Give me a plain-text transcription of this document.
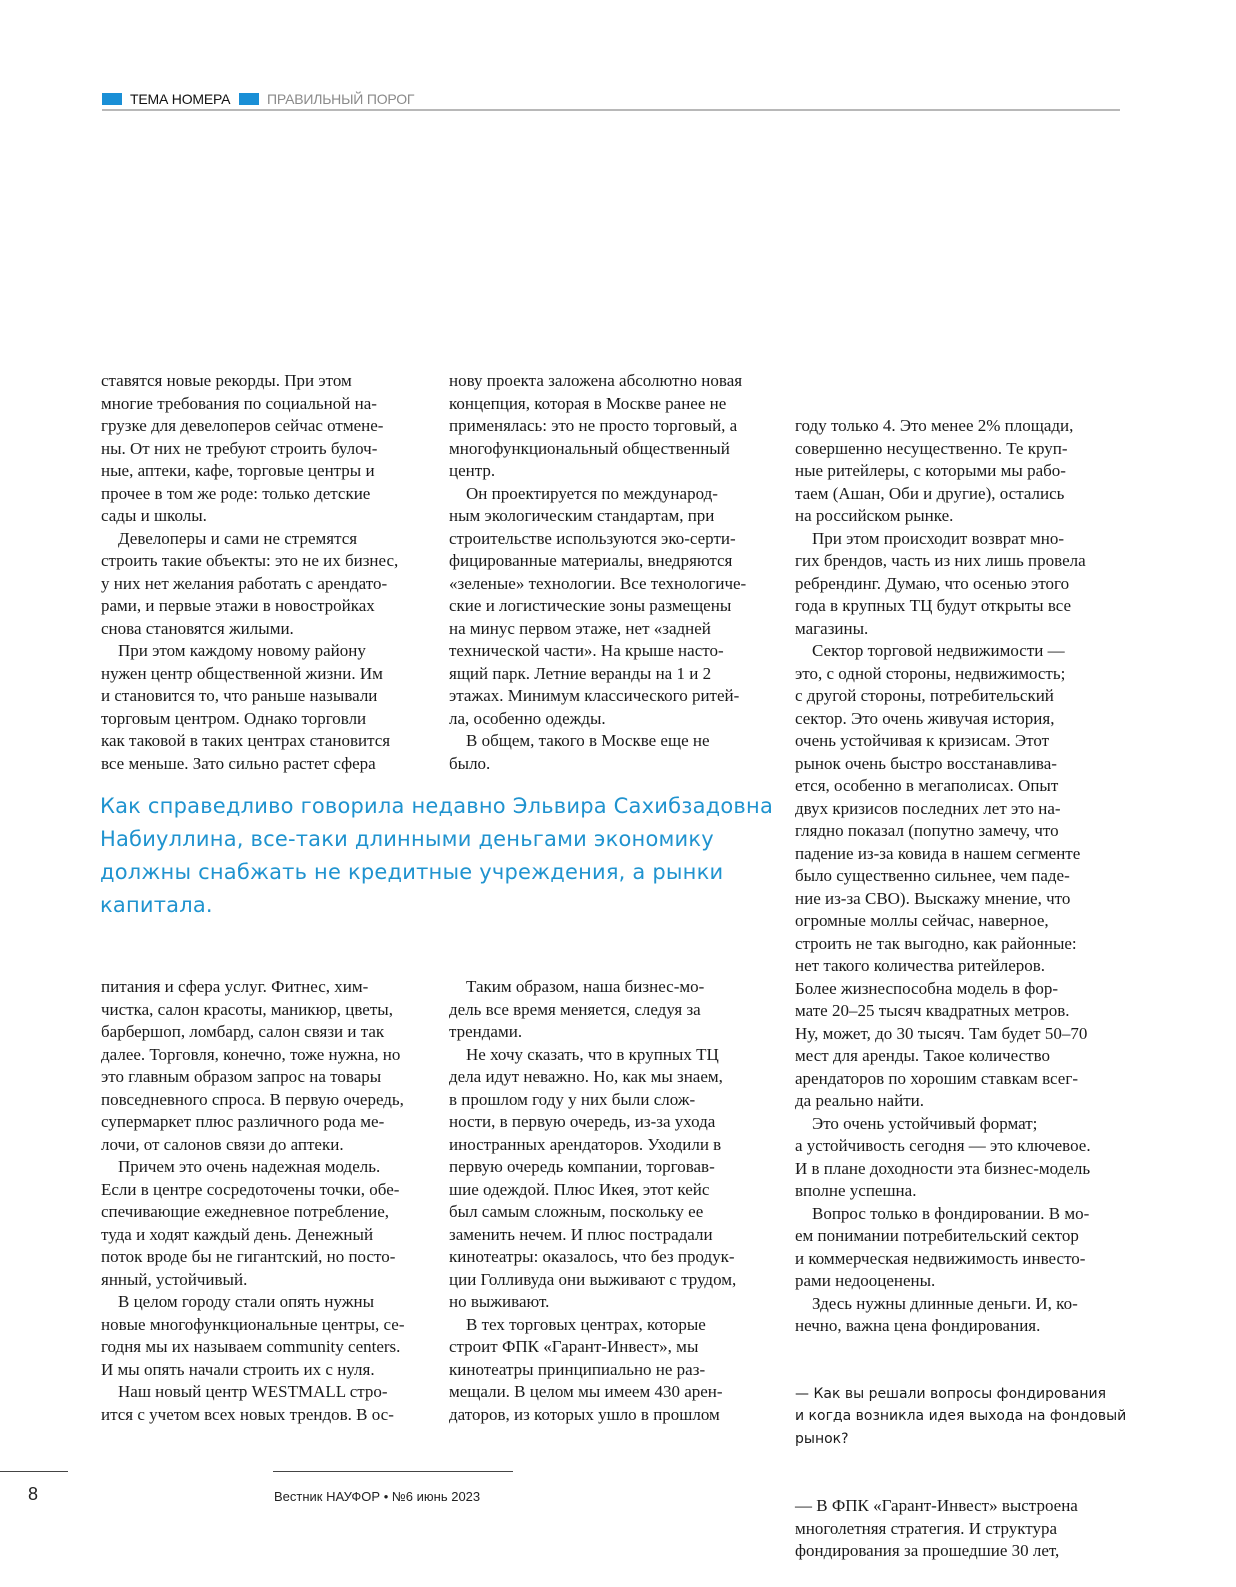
ТЕМА НОМЕРА	ПРАВИЛЬНЫЙ ПОРОГ
ставятся новые рекорды. При этом
многие требования по социальной на-
грузке для девелоперов сейчас отмене-
ны. От них не требуют строить булоч-
ные, аптеки, кафе, торговые центры и
прочее в том же роде: только детские
сады и школы.
Девелоперы и сами не стремятся
строить такие объекты: это не их бизнес,
у них нет желания работать с арендато-
рами, и первые этажи в новостройках
снова становятся жилыми.
При этом каждому новому району
нужен центр общественной жизни. Им
и становится то, что раньше называли
торговым центром. Однако торговли
как таковой в таких центрах становится
все меньше. Зато сильно растет сфера
нову проекта заложена абсолютно новая
концепция, которая в Москве ранее не
применялась: это не просто торговый, а
многофункциональный общественный
центр.
Он проектируется по международ-
ным экологическим стандартам, при
строительстве используются эко-серти-
фицированные материалы, внедряются
«зеленые» технологии. Все технологиче-
ские и логистические зоны размещены
на минус первом этаже, нет «задней
технической части». На крыше насто-
ящий парк. Летние веранды на 1 и 2
этажах. Минимум классического ритей-
ла, особенно одежды.
В общем, такого в Москве еще не
было.
Как справедливо говорила недавно Эльвира Сахибзадовна
Набиуллина, все-таки длинными деньгами экономику
должны снабжать не кредитные учреждения, а рынки
капитала.
питания и сфера услуг. Фитнес, хим-
чистка, салон красоты, маникюр, цветы,
барбершоп, ломбард, салон связи и так
далее. Торговля, конечно, тоже нужна, но
это главным образом запрос на товары
повседневного спроса. В первую очередь,
супермаркет плюс различного рода ме-
лочи, от салонов связи до аптеки.
Причем это очень надежная модель.
Если в центре сосредоточены точки, обе-
спечивающие ежедневное потребление,
туда и ходят каждый день. Денежный
поток вроде бы не гигантский, но посто-
янный, устойчивый.
В целом городу стали опять нужны
новые многофункциональные центры, се-
годня мы их называем community centers.
И мы опять начали строить их с нуля.
Наш новый центр WESTMALL стро-
ится с учетом всех новых трендов. В ос-
Таким образом, наша бизнес-мо-
дель все время меняется, следуя за
трендами.
Не хочу сказать, что в крупных ТЦ
дела идут неважно. Но, как мы знаем,
в прошлом году у них были слож-
ности, в первую очередь, из-за ухода
иностранных арендаторов. Уходили в
первую очередь компании, торговав-
шие одеждой. Плюс Икея, этот кейс
был самым сложным, поскольку ее
заменить нечем. И плюс пострадали
кинотеатры: оказалось, что без продук-
ции Голливуда они выживают с трудом,
но выживают.
В тех торговых центрах, которые
строит ФПК «Гарант-Инвест», мы
кинотеатры принципиально не раз-
мещали. В целом мы имеем 430 арен-
даторов, из которых ушло в прошлом

году только 4. Это менее 2% площади,
совершенно несущественно. Те круп-
ные ритейлеры, с которыми мы рабо-
таем (Ашан, Оби и другие), остались
на российском рынке.
При этом происходит возврат мно-
гих брендов, часть из них лишь провела
ребрендинг. Думаю, что осенью этого
года в крупных ТЦ будут открыты все
магазины.
Сектор торговой недвижимости —
это, с одной стороны, недвижимость;
с другой стороны, потребительский
сектор. Это очень живучая история,
очень устойчивая к кризисам. Этот
рынок очень быстро восстанавлива-
ется, особенно в мегаполисах. Опыт
двух кризисов последних лет это на-
глядно показал (попутно замечу, что
падение из-за ковида в нашем сегменте
было существенно сильнее, чем паде-
ние из-за СВО). Выскажу мнение, что
огромные моллы сейчас, наверное,
строить не так выгодно, как районные:
нет такого количества ритейлеров.
Более жизнеспособна модель в фор-
мате 20–25 тысяч квадратных метров.
Ну, может, до 30 тысяч. Там будет 50–70
мест для аренды. Такое количество
арендаторов по хорошим ставкам всег-
да реально найти.
Это очень устойчивый формат;
а устойчивость сегодня — это ключевое.
И в плане доходности эта бизнес-модель
вполне успешна.
Вопрос только в фондировании. В мо-
ем понимании потребительский сектор
и коммерческая недвижимость инвесто-
рами недооценены.
Здесь нужны длинные деньги. И, ко-
нечно, важна цена фондирования.

— Как вы решали вопросы фондирования
и когда возникла идея выхода на фондовый
рынок?

— В ФПК «Гарант-Инвест» выстроена
многолетняя стратегия. И структура
фондирования за прошедшие 30 лет,

8	Вестник НАУФОР • №6 июнь 2023
